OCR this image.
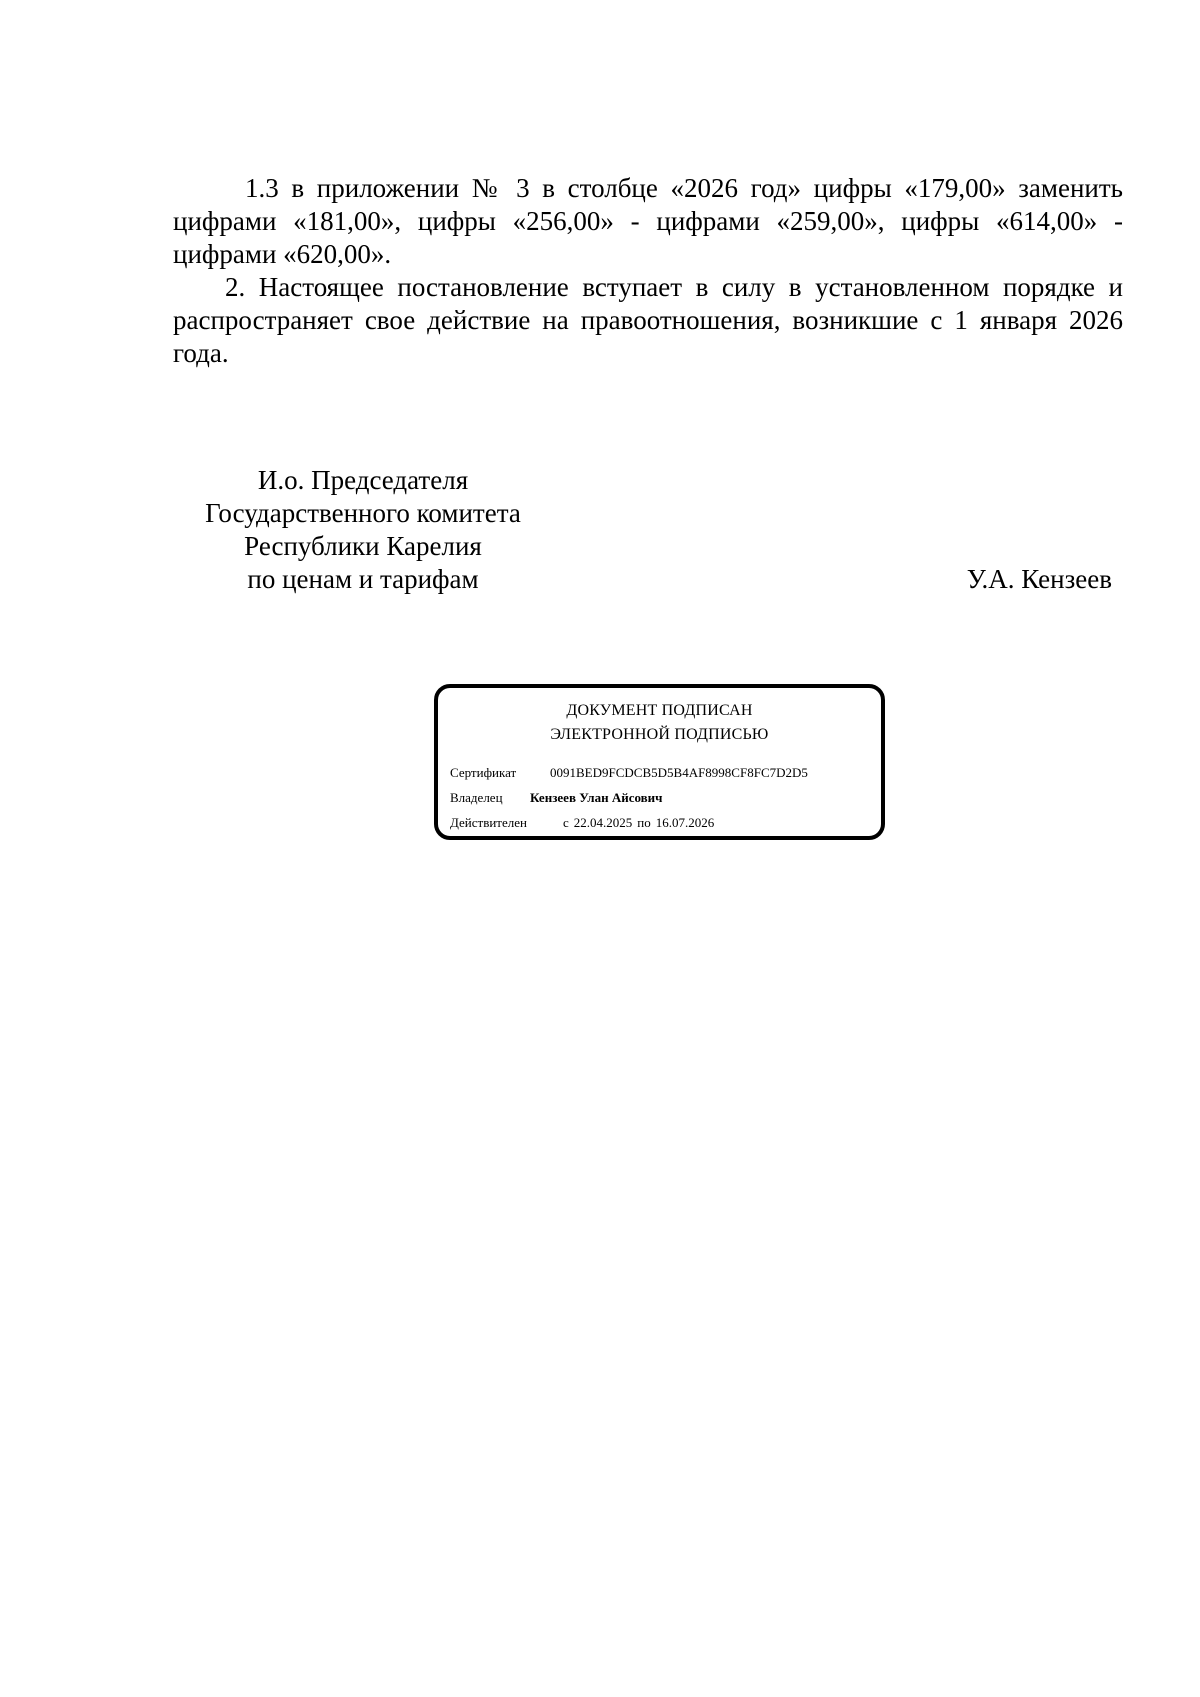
1.3 в приложении № 3 в столбце «2026 год» цифры «179,00» заменить цифрами «181,00», цифры «256,00» - цифрами «259,00», цифры «614,00» - цифрами «620,00».

2. Настоящее постановление вступает в силу в установленном порядке и распространяет свое действие на правоотношения, возникшие с 1 января 2026 года.

И.о. Председателя
Государственного комитета
Республики Карелия
по ценам и тарифам	У.А. Кензеев
ДОКУМЕНТ ПОДПИСАН
ЭЛЕКТРОННОЙ ПОДПИСЬЮ
Сертификат	0091BED9FCDCB5D5B4AF8998CF8FC7D2D5
Владелец Кензеев Улан Айсович
Действителен	с 22.04.2025 по 16.07.2026
